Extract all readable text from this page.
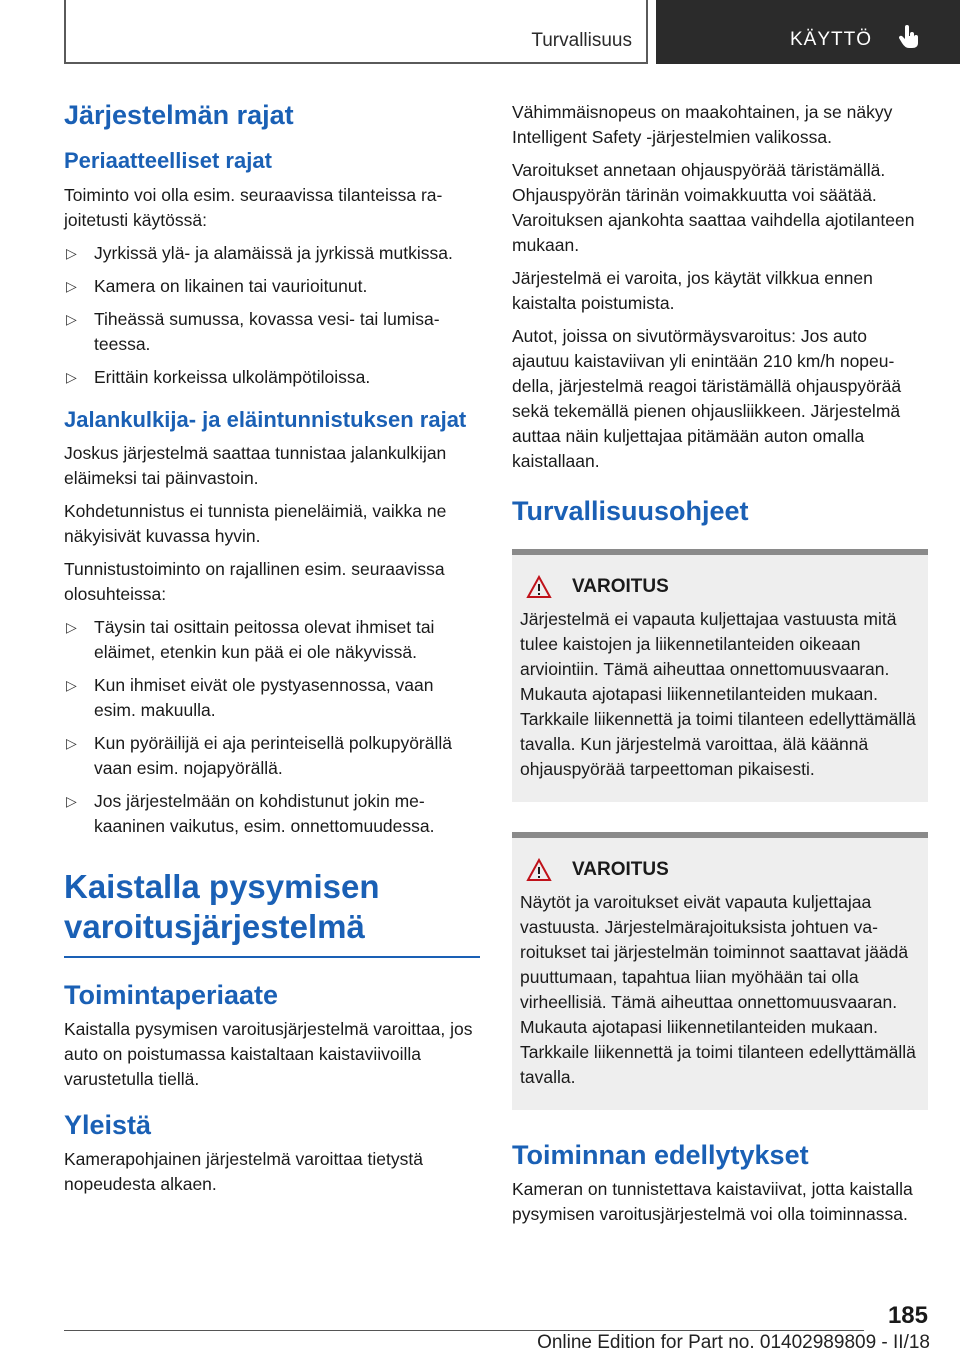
Turvallisuus	KÄYTTÖ
Järjestelmän rajat
Periaatteelliset rajat

Toiminto voi olla esim. seuraavissa tilanteissa rajoitetusti käytössä:

▷ Jyrkissä ylä- ja alamäissä ja jyrkissä mutkissa.
▷ Kamera on likainen tai vaurioitunut.
▷ Tiheässä sumussa, kovassa vesi- tai lumisateessa.
▷ Erittäin korkeissa ulkolämpötiloissa.
Jalankulkija- ja eläintunnistuksen rajat

Joskus järjestelmä saattaa tunnistaa jalankulkijan eläimeksi tai päinvastoin.

Kohdetunnistus ei tunnista pieneläimiä, vaikka ne näkyisivät kuvassa hyvin.

Tunnistustoiminto on rajallinen esim. seuraavissa olosuhteissa:

▷ Täysin tai osittain peitossa olevat ihmiset tai eläimet, etenkin kun pää ei ole näkyvissä.
▷ Kun ihmiset eivät ole pystyasennossa, vaan esim. makuulla.
▷ Kun pyöräilijä ei aja perinteisellä polkupyörällä vaan esim. nojapyörällä.
▷ Jos järjestelmään on kohdistunut jokin mekaaninen vaikutus, esim. onnettomuudessa.
Kaistalla pysymisen varoitusjärjestelmä
Toimintaperiaate

Kaistalla pysymisen varoitusjärjestelmä varoittaa, jos auto on poistumassa kaistaltaan kaistaviivoilla varustetulla tiellä.

Yleistä

Kamerapohjainen järjestelmä varoittaa tietystä nopeudesta alkaen.

Vähimmäisnopeus on maakohtainen, ja se näkyy Intelligent Safety -järjestelmien valikossa.

Varoitukset annetaan ohjauspyörää täristämällä. Ohjauspyörän tärinän voimakkuutta voi säätää. Varoituksen ajankohta saattaa vaihdella ajotilanteen mukaan.

Järjestelmä ei varoita, jos käytät vilkkua ennen kaistalta poistumista.

Autot, joissa on sivutörmäysvaroitus: Jos auto ajautuu kaistaviivan yli enintään 210 km/h nopeudella, järjestelmä reagoi täristämällä ohjauspyörää sekä tekemällä pienen ohjausliikkeen. Järjestelmä auttaa näin kuljettajaa pitämään auton omalla kaistallaan.

Turvallisuusohjeet
VAROITUS

Järjestelmä ei vapauta kuljettajaa vastuusta mitä tulee kaistojen ja liikennetilanteiden oikeaan arviointiin. Tämä aiheuttaa onnettomuusvaaran. Mukauta ajotapasi liikennetilanteiden mukaan. Tarkkaile liikennettä ja toimi tilanteen edellyttämällä tavalla. Kun järjestelmä varoittaa, älä käännä ohjauspyörää tarpeettoman pikaisesti.

VAROITUS

Näytöt ja varoitukset eivät vapauta kuljettajaa vastuusta. Järjestelmärajoituksista johtuen varoitukset tai järjestelmän toiminnot saattavat jäädä puuttumaan, tapahtua liian myöhään tai olla virheellisiä. Tämä aiheuttaa onnettomuusvaaran. Mukauta ajotapasi liikennetilanteiden mukaan. Tarkkaile liikennettä ja toimi tilanteen edellyttämällä tavalla.

Toiminnan edellytykset

Kameran on tunnistettava kaistaviivat, jotta kaistalla pysymisen varoitusjärjestelmä voi olla toiminnassa.

185
Online Edition for Part no. 01402989809 - II/18
